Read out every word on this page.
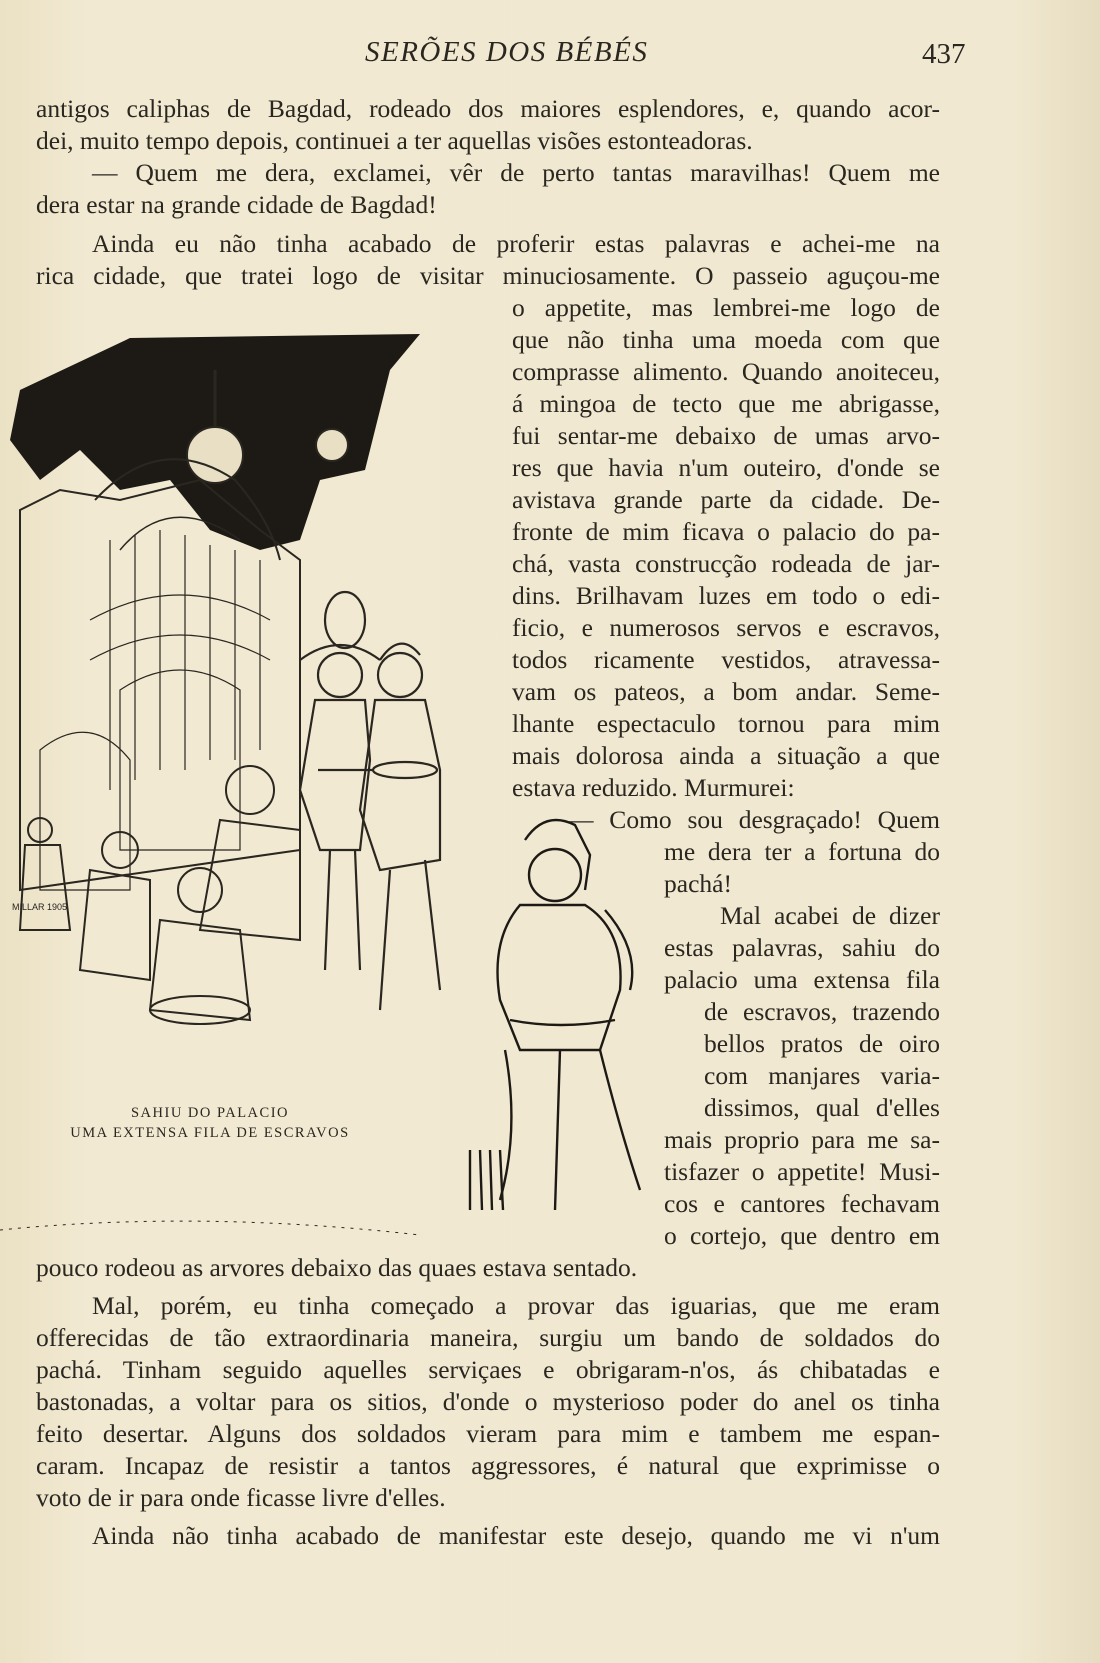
SERÕES DOS BÉBÉS	437
antigos caliphas de Bagdad, rodeado dos maiores esplendores, e, quando acor-
dei, muito tempo depois, continuei a ter aquellas visões estonteadoras.
— Quem me dera, exclamei, vêr de perto tantas maravilhas! Quem me
dera estar na grande cidade de Bagdad!
Ainda eu não tinha acabado de proferir estas palavras e achei-me na
rica cidade, que tratei logo de visitar minuciosamente. O passeio aguçou-me
o appetite, mas lembrei-me logo de
que não tinha uma moeda com que
comprasse alimento. Quando anoiteceu,
á mingoa de tecto que me abrigasse,
fui sentar-me debaixo de umas arvo-
res que havia n'um outeiro, d'onde se
avistava grande parte da cidade. De-
fronte de mim ficava o palacio do pa-
chá, vasta construcção rodeada de jar-
dins. Brilhavam luzes em todo o edi-
ficio, e numerosos servos e escravos,
todos ricamente vestidos, atravessa-
vam os pateos, a bom andar. Seme-
lhante espectaculo tornou para mim
mais dolorosa ainda a situação a que
estava reduzido. Murmurei:
— Como sou desgraçado! Quem
me dera ter a fortuna do
pachá!
Mal acabei de dizer
estas palavras, sahiu do
palacio uma extensa fila
de escravos, trazendo
bellos pratos de oiro
com manjares varia-
dissimos, qual d'elles
mais proprio para me sa-
tisfazer o appetite! Musi-
cos e cantores fechavam
o cortejo, que dentro em
pouco rodeou as arvores debaixo das quaes estava sentado.
Mal, porém, eu tinha começado a provar das iguarias, que me eram
offerecidas de tão extraordinaria maneira, surgiu um bando de soldados do
pachá. Tinham seguido aquelles serviçaes e obrigaram-n'os, ás chibatadas e
bastonadas, a voltar para os sitios, d'onde o mysterioso poder do anel os tinha
feito desertar. Alguns dos soldados vieram para mim e tambem me espan-
caram. Incapaz de resistir a tantos aggressores, é natural que exprimisse o
voto de ir para onde ficasse livre d'elles.
Ainda não tinha acabado de manifestar este desejo, quando me vi n'um
MILLAR 1905
SAHIU DO PALACIO
UMA EXTENSA FILA DE ESCRAVOS
